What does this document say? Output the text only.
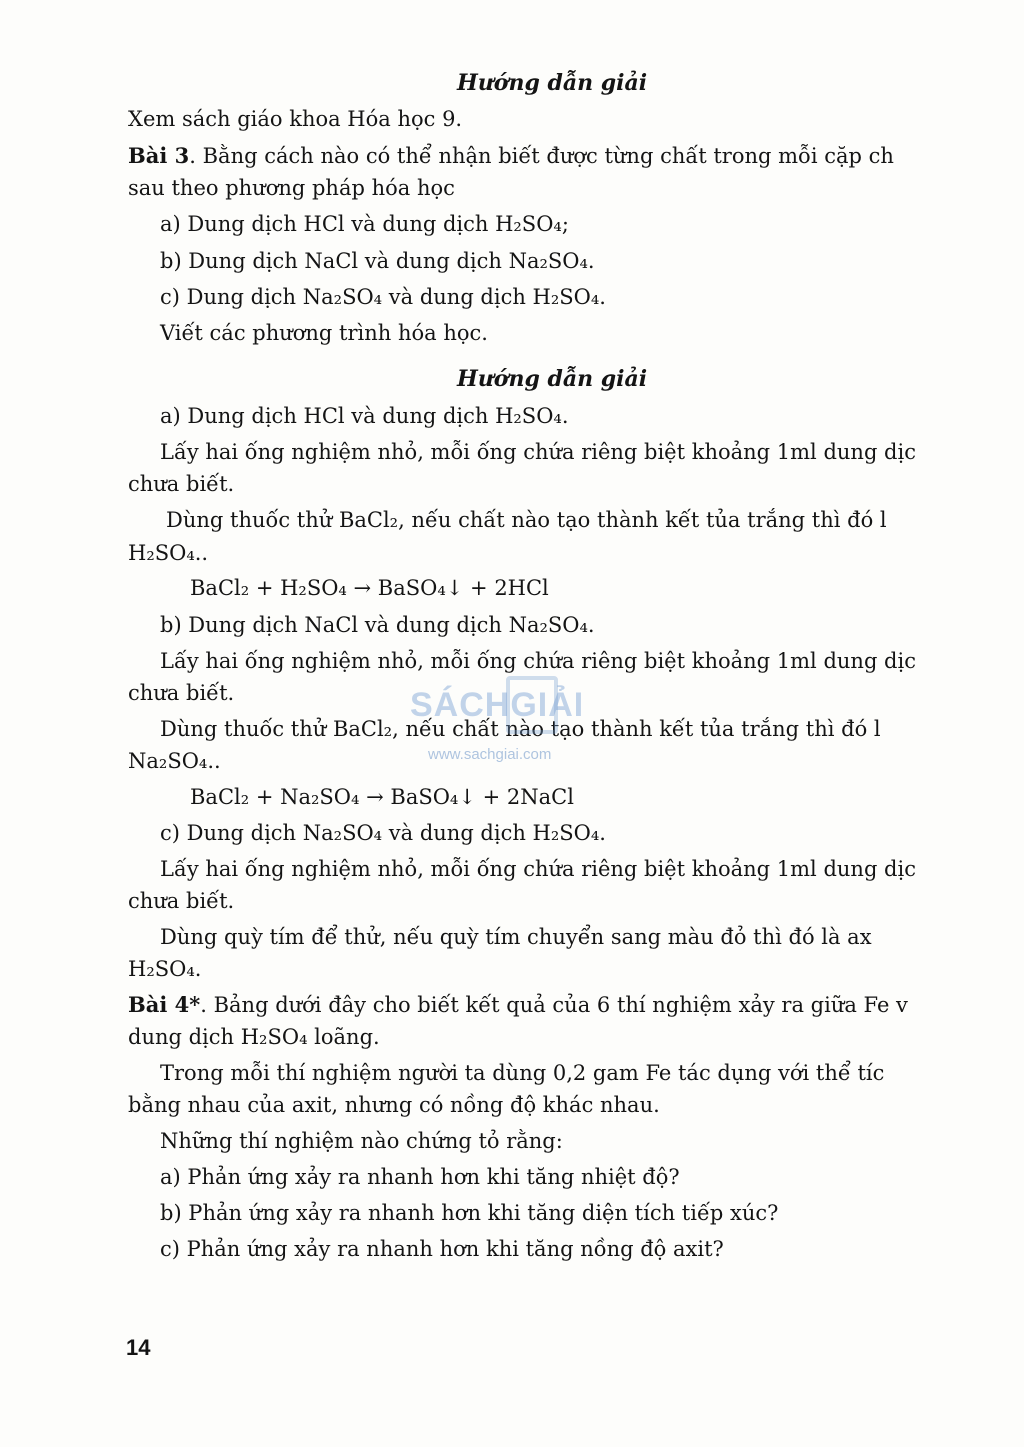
Hướng dẫn giải
Xem sách giáo khoa Hóa học 9.
Bài 3. Bằng cách nào có thể nhận biết được từng chất trong mỗi cặp ch
sau theo phương pháp hóa học
a) Dung dịch HCl và dung dịch H₂SO₄;
b) Dung dịch NaCl và dung dịch Na₂SO₄.
c) Dung dịch Na₂SO₄ và dung dịch H₂SO₄.
Viết các phương trình hóa học.
Hướng dẫn giải
a) Dung dịch HCl và dung dịch H₂SO₄.
Lấy hai ống nghiệm nhỏ, mỗi ống chứa riêng biệt khoảng 1ml dung dịc
chưa biết.
Dùng thuốc thử BaCl₂, nếu chất nào tạo thành kết tủa trắng thì đó l
H₂SO₄..
BaCl₂ + H₂SO₄ → BaSO₄↓ + 2HCl
b) Dung dịch NaCl và dung dịch Na₂SO₄.
Lấy hai ống nghiệm nhỏ, mỗi ống chứa riêng biệt khoảng 1ml dung dịc
chưa biết.
Dùng thuốc thử BaCl₂, nếu chất nào tạo thành kết tủa trắng thì đó l
Na₂SO₄..
BaCl₂ + Na₂SO₄ → BaSO₄↓ + 2NaCl
c) Dung dịch Na₂SO₄ và dung dịch H₂SO₄.
Lấy hai ống nghiệm nhỏ, mỗi ống chứa riêng biệt khoảng 1ml dung dịc
chưa biết.
Dùng quỳ tím để thử, nếu quỳ tím chuyển sang màu đỏ thì đó là ax
H₂SO₄.
Bài 4*. Bảng dưới đây cho biết kết quả của 6 thí nghiệm xảy ra giữa Fe v
dung dịch H₂SO₄ loãng.
Trong mỗi thí nghiệm người ta dùng 0,2 gam Fe tác dụng với thể tíc
bằng nhau của axit, nhưng có nồng độ khác nhau.
Những thí nghiệm nào chứng tỏ rằng:
a) Phản ứng xảy ra nhanh hơn khi tăng nhiệt độ?
b) Phản ứng xảy ra nhanh hơn khi tăng diện tích tiếp xúc?
c) Phản ứng xảy ra nhanh hơn khi tăng nồng độ axit?
14
SÁCHGIẢI
www.sachgiai.com
